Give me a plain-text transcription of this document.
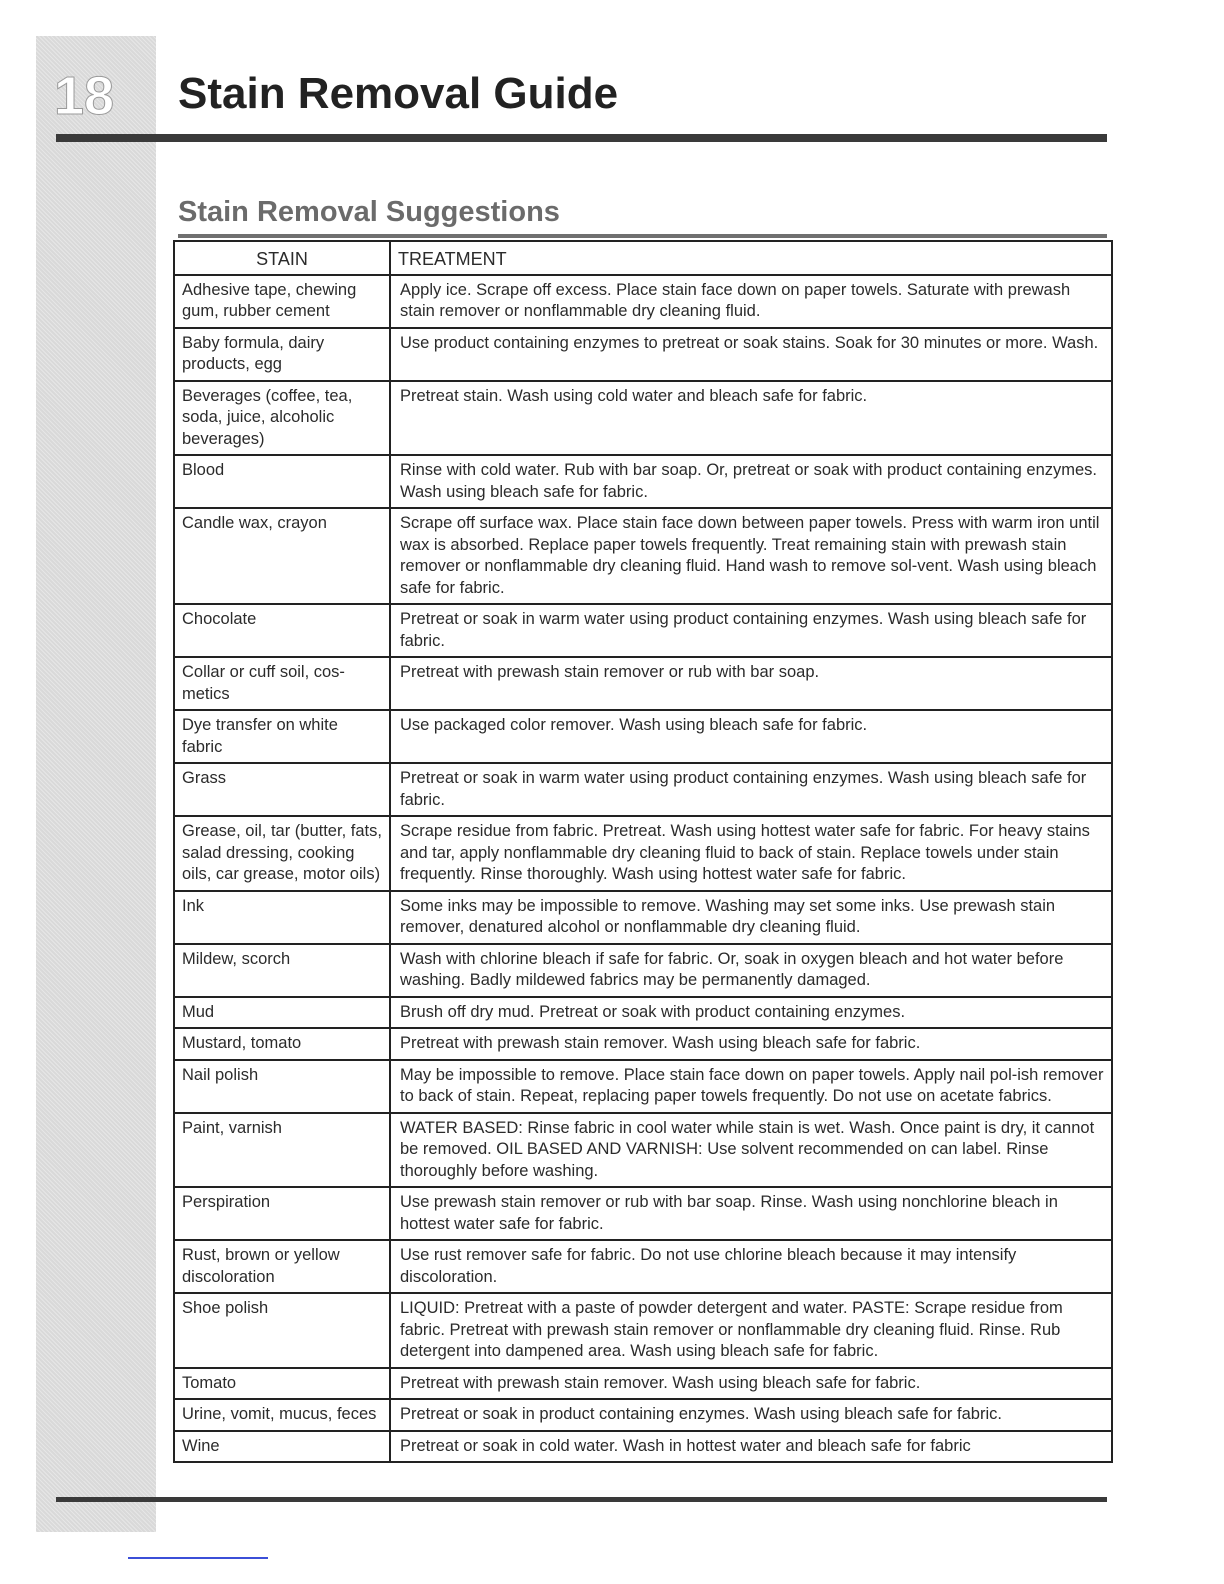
18	Stain Removal Guide
Stain Removal Suggestions
STAIN	TREATMENT
Adhesive tape, chewing gum, rubber cement	Apply ice. Scrape off excess. Place stain face down on paper towels. Saturate with prewash stain remover or nonflammable dry cleaning fluid.
Baby formula, dairy products, egg	Use product containing enzymes to pretreat or soak stains. Soak for 30 minutes or more. Wash.
Beverages (coffee, tea, soda, juice, alcoholic beverages)	Pretreat stain. Wash using cold water and bleach safe for fabric.
Blood	Rinse with cold water. Rub with bar soap. Or, pretreat or soak with product containing enzymes. Wash using bleach safe for fabric.
Candle wax, crayon	Scrape off surface wax. Place stain face down between paper towels. Press with warm iron until wax is absorbed. Replace paper towels frequently. Treat remaining stain with prewash stain remover or nonflammable dry cleaning fluid. Hand wash to remove sol-vent. Wash using bleach safe for fabric.
Chocolate	Pretreat or soak in warm water using product containing enzymes. Wash using bleach safe for fabric.
Collar or cuff soil, cos-metics	Pretreat with prewash stain remover or rub with bar soap.
Dye transfer on white fabric	Use packaged color remover. Wash using bleach safe for fabric.
Grass	Pretreat or soak in warm water using product containing enzymes. Wash using bleach safe for fabric.
Grease, oil, tar (butter, fats, salad dressing, cooking oils, car grease, motor oils)	Scrape residue from fabric. Pretreat. Wash using hottest water safe for fabric. For heavy stains and tar, apply nonflammable dry cleaning fluid to back of stain. Replace towels under stain frequently. Rinse thoroughly. Wash using hottest water safe for fabric.
Ink	Some inks may be impossible to remove. Washing may set some inks. Use prewash stain remover, denatured alcohol or nonflammable dry cleaning fluid.
Mildew, scorch	Wash with chlorine bleach if safe for fabric. Or, soak in oxygen bleach and hot water before washing. Badly mildewed fabrics may be permanently damaged.
Mud	Brush off dry mud. Pretreat or soak with product containing enzymes.
Mustard, tomato	Pretreat with prewash stain remover. Wash using bleach safe for fabric.
Nail polish	May be impossible to remove. Place stain face down on paper towels. Apply nail pol-ish remover to back of stain. Repeat, replacing paper towels frequently. Do not use on acetate fabrics.
Paint, varnish	WATER BASED: Rinse fabric in cool water while stain is wet. Wash. Once paint is dry, it cannot be removed. OIL BASED AND VARNISH: Use solvent recommended on can label. Rinse thoroughly before washing.
Perspiration	Use prewash stain remover or rub with bar soap. Rinse. Wash using nonchlorine bleach in hottest water safe for fabric.
Rust, brown or yellow discoloration	Use rust remover safe for fabric. Do not use chlorine bleach because it may intensify discoloration.
Shoe polish	LIQUID: Pretreat with a paste of powder detergent and water. PASTE: Scrape residue from fabric. Pretreat with prewash stain remover or nonflammable dry cleaning fluid. Rinse. Rub detergent into dampened area. Wash using bleach safe for fabric.
Tomato	Pretreat with prewash stain remover. Wash using bleach safe for fabric.
Urine, vomit, mucus, feces	Pretreat or soak in product containing enzymes. Wash using bleach safe for fabric.
Wine	Pretreat or soak in cold water. Wash in hottest water and bleach safe for fabric
